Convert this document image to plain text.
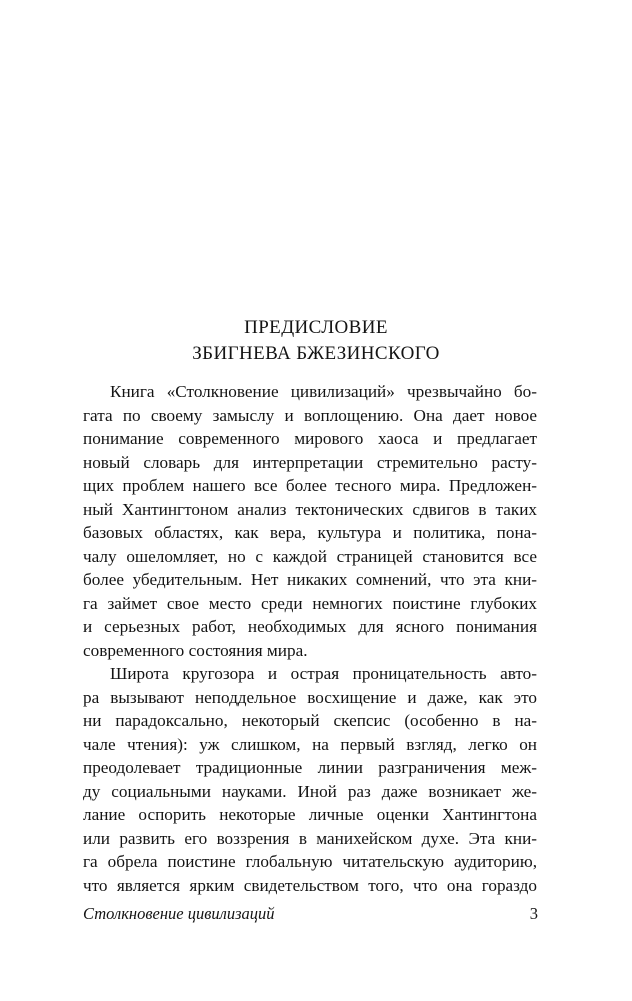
ПРЕДИСЛОВИЕ
ЗБИГНЕВА БЖЕЗИНСКОГО
Книга «Столкновение цивилизаций» чрезвычайно бо-
гата по своему замыслу и воплощению. Она дает новое
понимание современного мирового хаоса и предлагает
новый словарь для интерпретации стремительно расту-
щих проблем нашего все более тесного мира. Предложен-
ный Хантингтоном анализ тектонических сдвигов в таких
базовых областях, как вера, культура и политика, пона-
чалу ошеломляет, но с каждой страницей становится все
более убедительным. Нет никаких сомнений, что эта кни-
га займет свое место среди немногих поистине глубоких
и серьезных работ, необходимых для ясного понимания
современного состояния мира.
Широта кругозора и острая проницательность авто-
ра вызывают неподдельное восхищение и даже, как это
ни парадоксально, некоторый скепсис (особенно в на-
чале чтения): уж слишком, на первый взгляд, легко он
преодолевает традиционные линии разграничения меж-
ду социальными науками. Иной раз даже возникает же-
лание оспорить некоторые личные оценки Хантингтона
или развить его воззрения в манихейском духе. Эта кни-
га обрела поистине глобальную читательскую аудиторию,
что является ярким свидетельством того, что она гораздо
Столкновение цивилизаций	3
